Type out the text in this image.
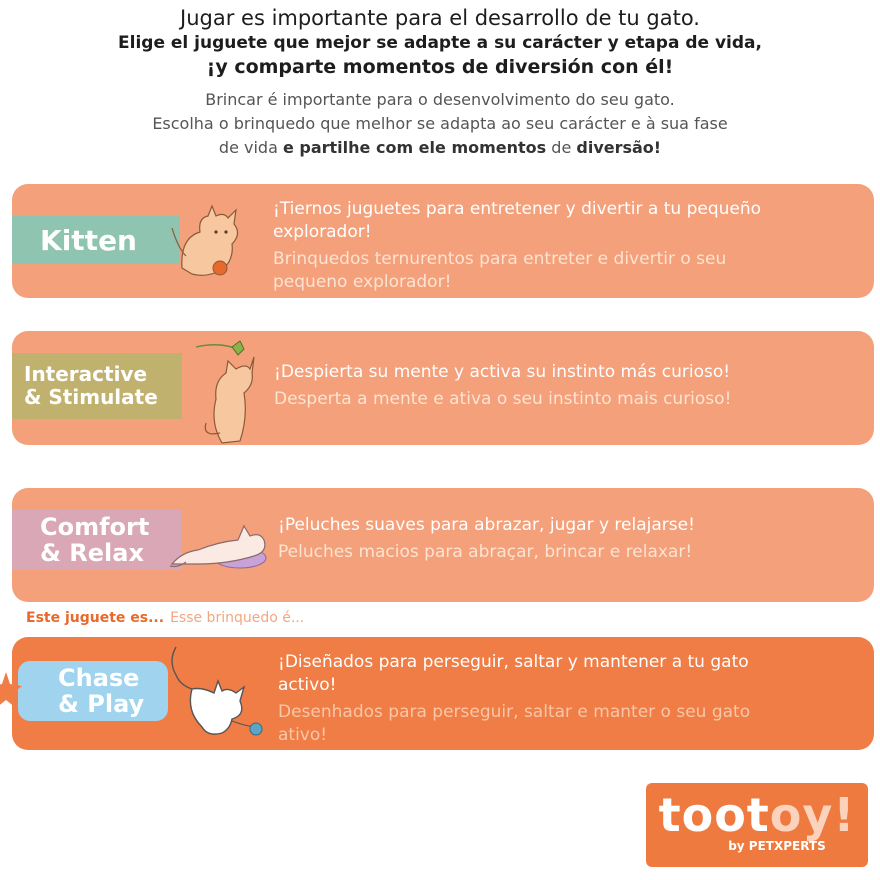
Jugar es importante para el desarrollo de tu gato.
Elige el juguete que mejor se adapte a su carácter y etapa de vida,
¡y comparte momentos de diversión con él!
Brincar é importante para o desenvolvimento do seu gato.
Escolha o brinquedo que melhor se adapta ao seu carácter e à sua fase
de vida e partilhe com ele momentos de diversão!
Kitten
¡Tiernos juguetes para entretener y divertir a tu pequeño explorador!
Brinquedos ternurentos para entreter e divertir o seu pequeno explorador!
Interactive
& Stimulate
¡Despierta su mente y activa su instinto más curioso!
Desperta a mente e ativa o seu instinto mais curioso!
Comfort
& Relax
¡Peluches suaves para abrazar, jugar y relajarse!
Peluches macios para abraçar, brincar e relaxar!
Este juguete es... Esse brinquedo é...
Chase
& Play
¡Diseñados para perseguir, saltar y mantener a tu gato activo!
Desenhados para perseguir, saltar e manter o seu gato ativo!
tootoy!
by PETXPERTS
